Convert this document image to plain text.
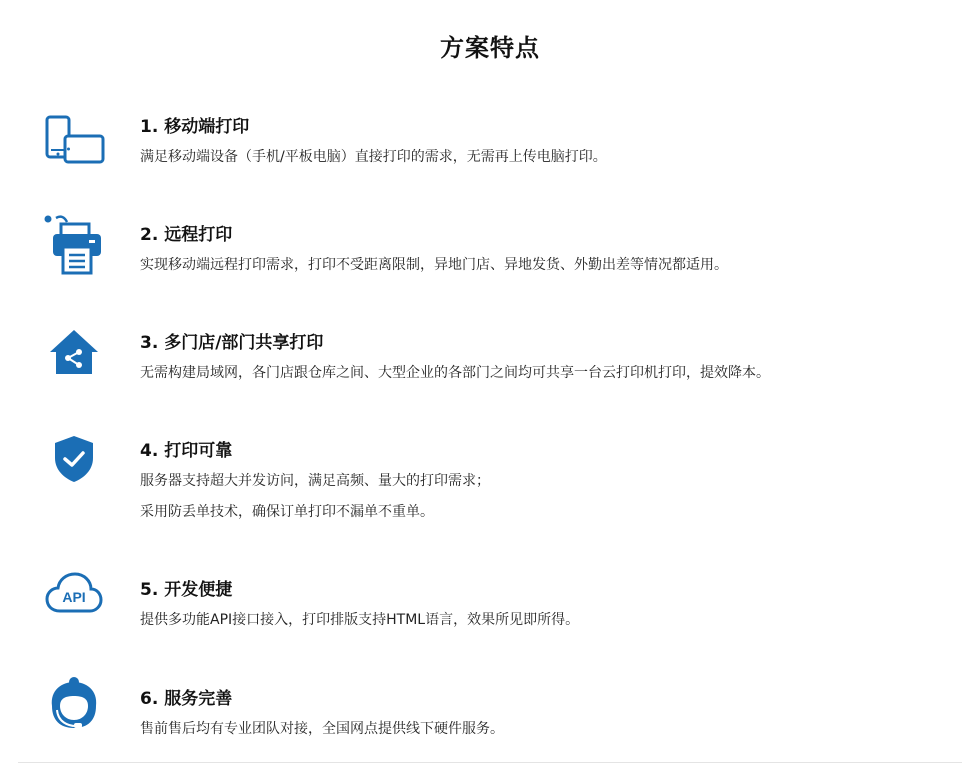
方案特点
1. 移动端打印
满足移动端设备（手机/平板电脑）直接打印的需求，无需再上传电脑打印。
2. 远程打印
实现移动端远程打印需求，打印不受距离限制，异地门店、异地发货、外勤出差等情况都适用。
3. 多门店/部门共享打印
无需构建局域网，各门店跟仓库之间、大型企业的各部门之间均可共享一台云打印机打印，提效降本。
4. 打印可靠
服务器支持超大并发访问，满足高频、量大的打印需求；
采用防丢单技术，确保订单打印不漏单不重单。
API	5. 开发便捷
提供多功能API接口接入，打印排版支持HTML语言，效果所见即所得。
6. 服务完善
售前售后均有专业团队对接，全国网点提供线下硬件服务。
